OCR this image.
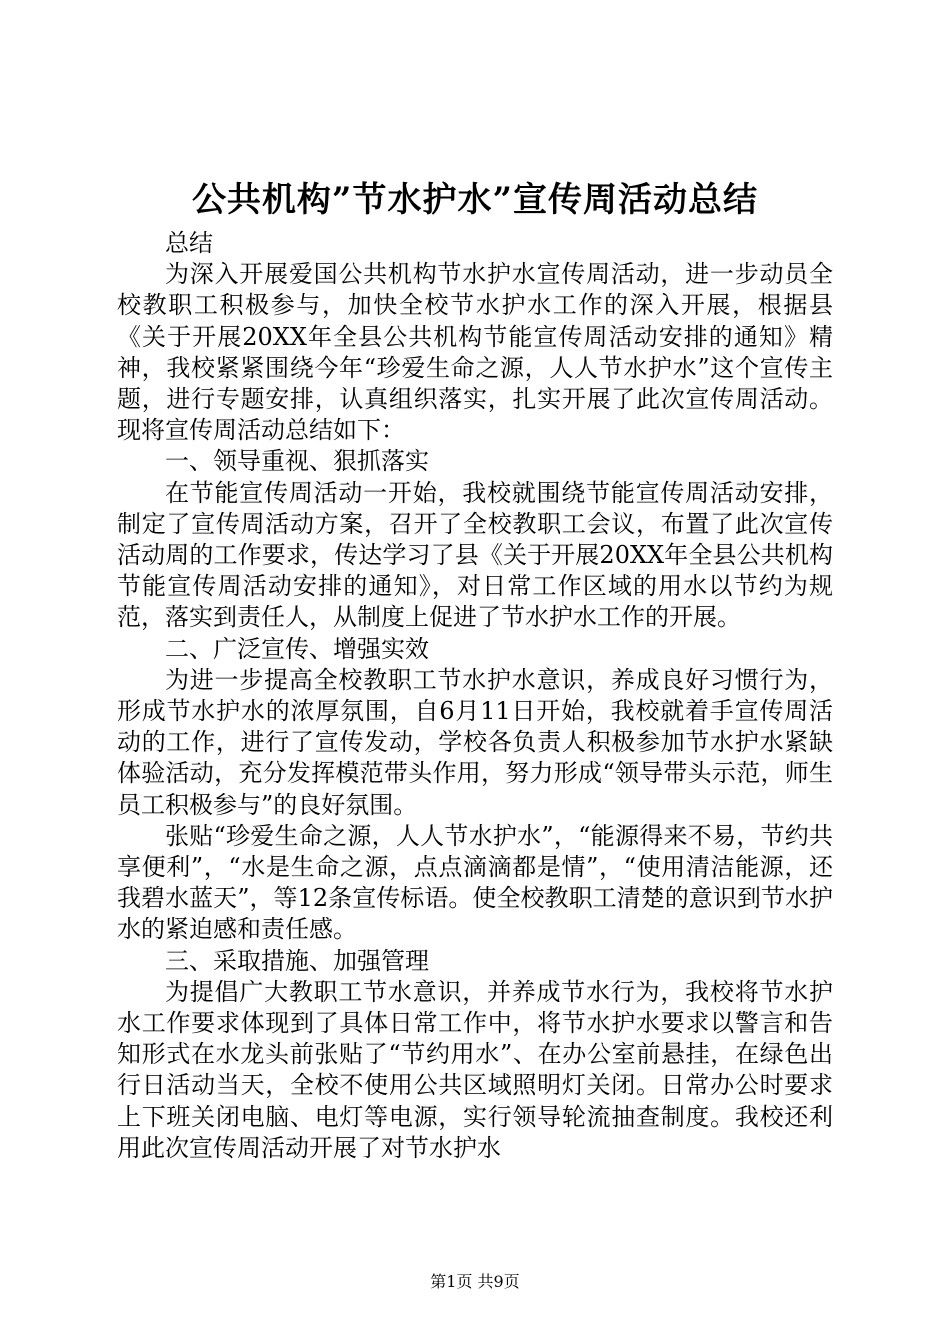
公共机构”节水护水”宣传周活动总结

总结

为深入开展爱国公共机构节水护水宣传周活动，进一步动员全校教职工积极参与，加快全校节水护水工作的深入开展，根据县《关于开展20XX年全县公共机构节能宣传周活动安排的通知》精神，我校紧紧围绕今年“珍爱生命之源，人人节水护水”这个宣传主题，进行专题安排，认真组织落实，扎实开展了此次宣传周活动。现将宣传周活动总结如下：

一、领导重视、狠抓落实

在节能宣传周活动一开始，我校就围绕节能宣传周活动安排，制定了宣传周活动方案，召开了全校教职工会议，布置了此次宣传活动周的工作要求，传达学习了县《关于开展20XX年全县公共机构节能宣传周活动安排的通知》，对日常工作区域的用水以节约为规范，落实到责任人，从制度上促进了节水护水工作的开展。

二、广泛宣传、增强实效

为进一步提高全校教职工节水护水意识，养成良好习惯行为，形成节水护水的浓厚氛围，自6月11日开始，我校就着手宣传周活动的工作，进行了宣传发动，学校各负责人积极参加节水护水紧缺体验活动，充分发挥模范带头作用，努力形成“领导带头示范，师生员工积极参与”的良好氛围。

张贴“珍爱生命之源，人人节水护水”，“能源得来不易，节约共享便利”，“水是生命之源，点点滴滴都是情”，“使用清洁能源，还我碧水蓝天”，等12条宣传标语。使全校教职工清楚的意识到节水护水的紧迫感和责任感。

三、采取措施、加强管理

为提倡广大教职工节水意识，并养成节水行为，我校将节水护水工作要求体现到了具体日常工作中，将节水护水要求以警言和告知形式在水龙头前张贴了“节约用水”、在办公室前悬挂，在绿色出行日活动当天，全校不使用公共区域照明灯关闭。日常办公时要求上下班关闭电脑、电灯等电源，实行领导轮流抽查制度。我校还利用此次宣传周活动开展了对节水护水

第1页 共9页
